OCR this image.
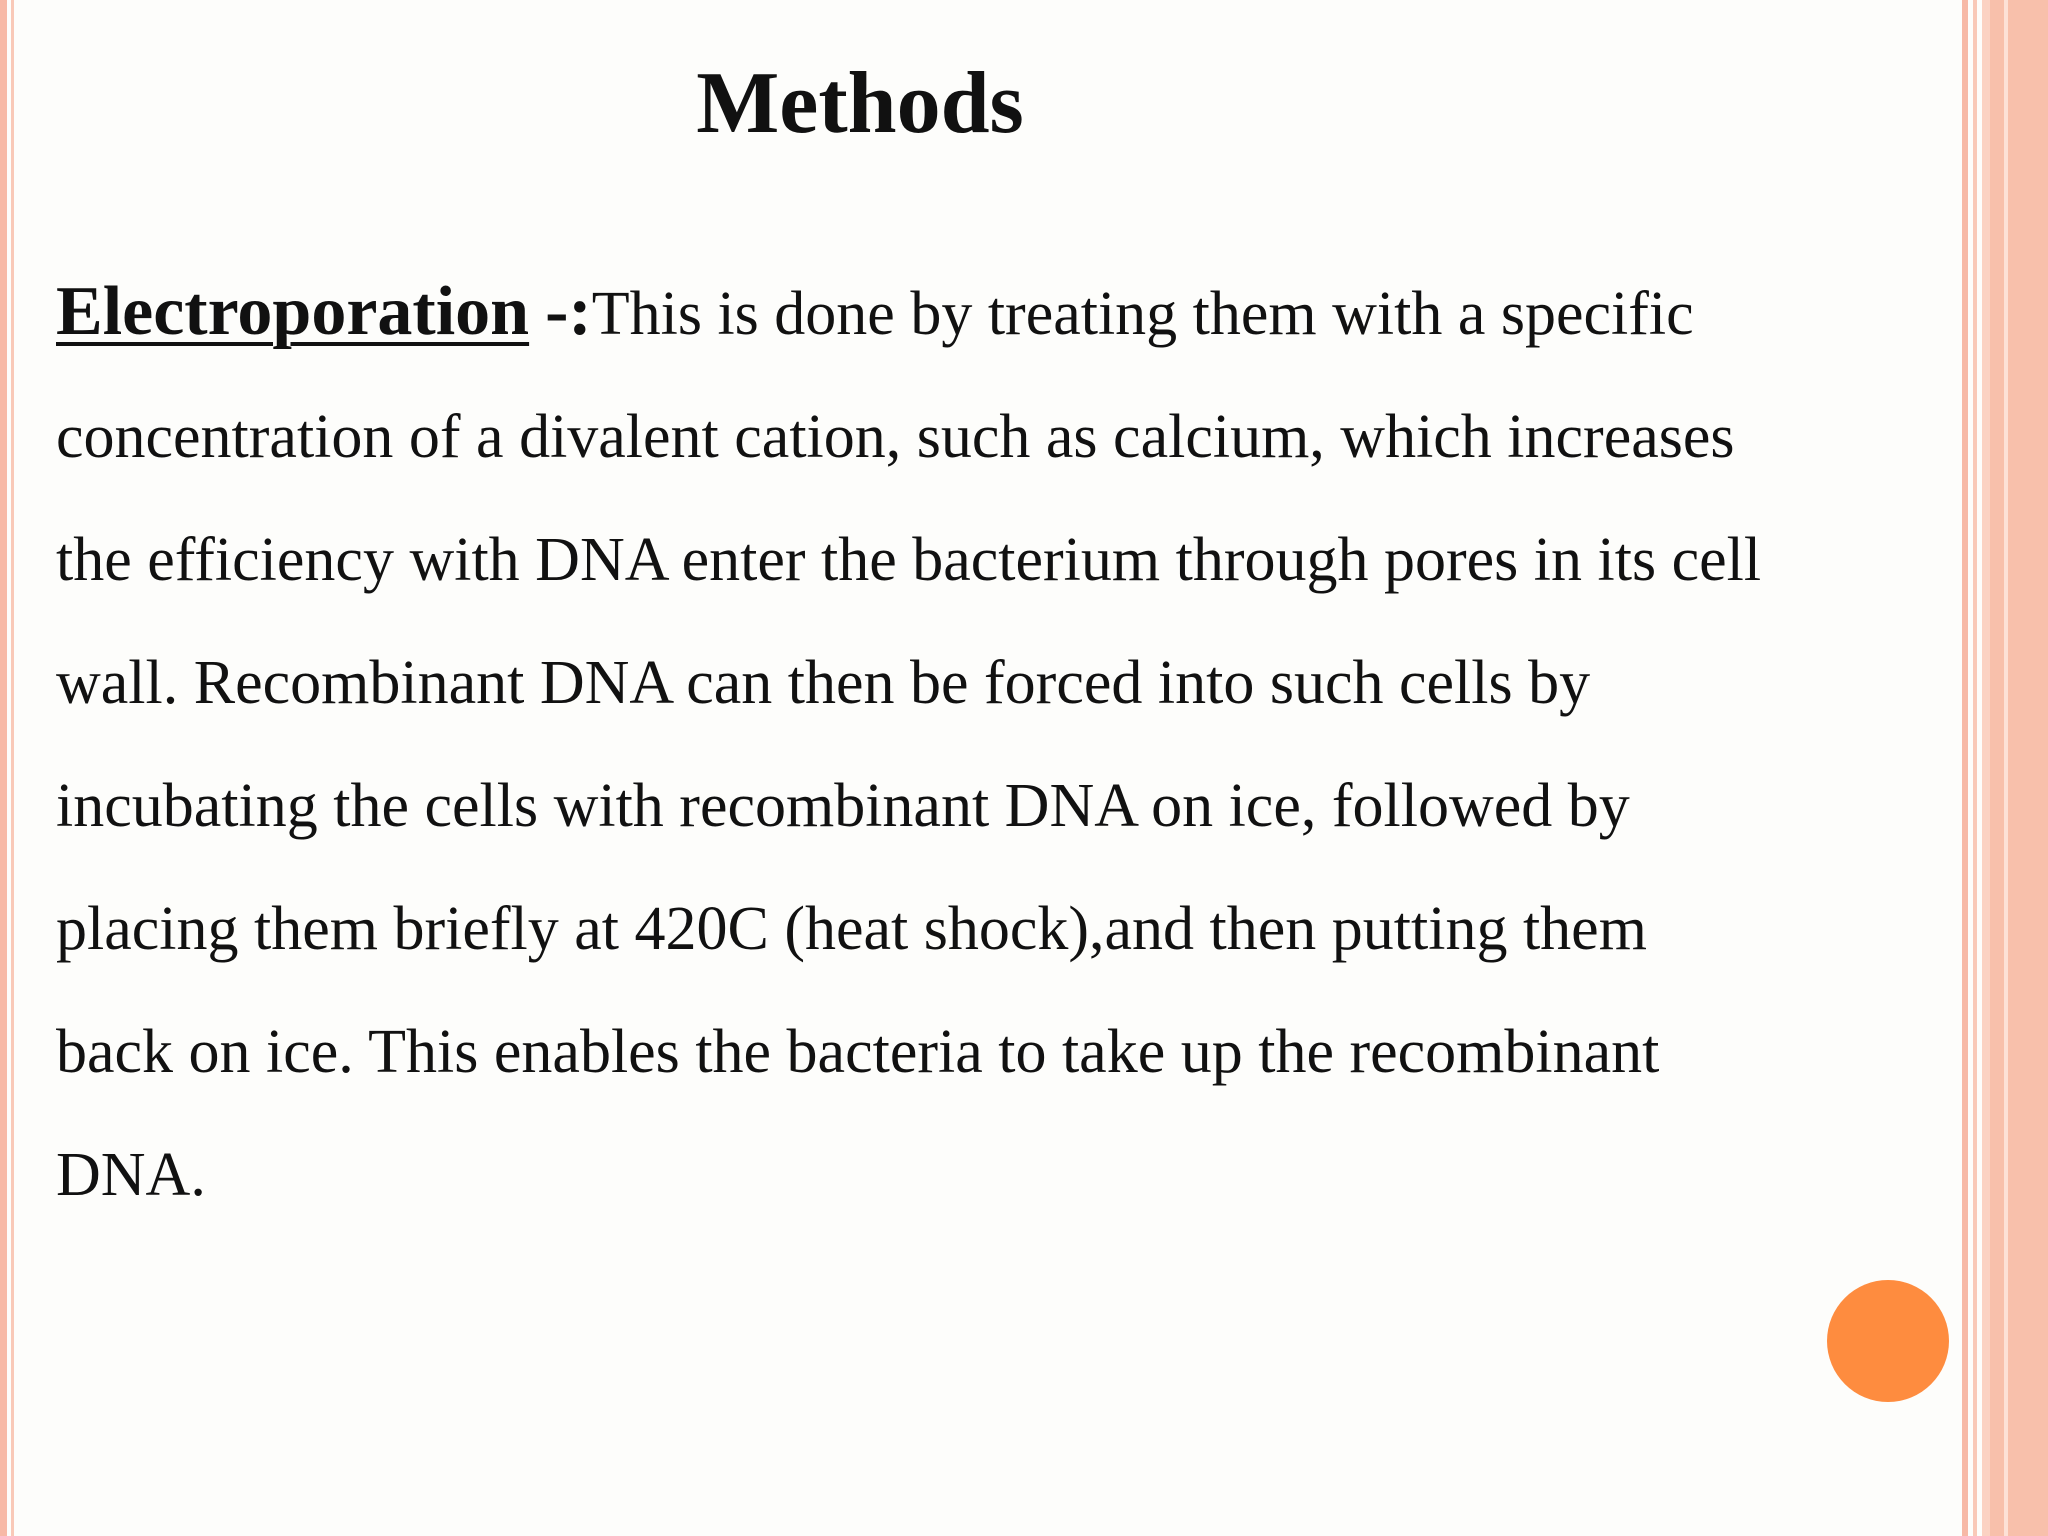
Methods

Electroporation -:This is done by treating them with a specific
concentration of a divalent cation, such as calcium, which increases
the efficiency with DNA enter the bacterium through pores in its cell
wall. Recombinant DNA can then be forced into such cells by
incubating the cells with recombinant DNA on ice, followed by
placing them briefly at 420C (heat shock),and then putting them
back on ice. This enables the bacteria to take up the recombinant
DNA.
